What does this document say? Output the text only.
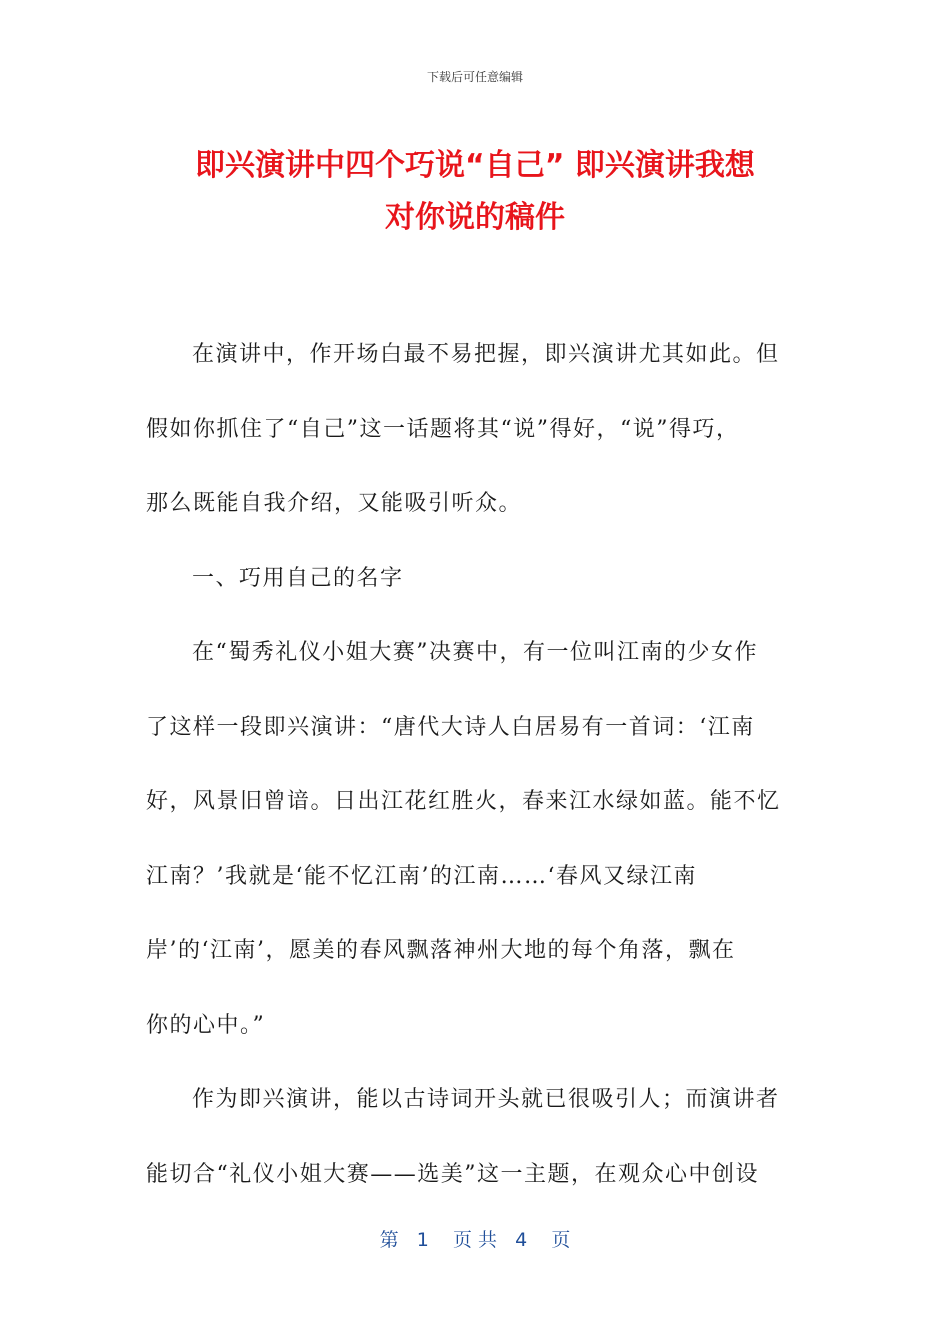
下载后可任意编辑
即兴演讲中四个巧说“自己” 即兴演讲我想
对你说的稿件
在演讲中，作开场白最不易把握，即兴演讲尤其如此。但
假如你抓住了“自己”这一话题将其“说”得好，“说”得巧，
那么既能自我介绍，又能吸引听众。
一、巧用自己的名字
在“蜀秀礼仪小姐大赛”决赛中，有一位叫江南的少女作
了这样一段即兴演讲：“唐代大诗人白居易有一首词：‘江南
好，风景旧曾谙。日出江花红胜火，春来江水绿如蓝。能不忆
江南？’我就是‘能不忆江南’的江南……‘春风又绿江南
岸’的‘江南’，愿美的春风飘落神州大地的每个角落，飘在
你的心中。”
作为即兴演讲，能以古诗词开头就已很吸引人；而演讲者
能切合“礼仪小姐大赛——选美”这一主题，在观众心中创设
第   1    页 共   4    页
